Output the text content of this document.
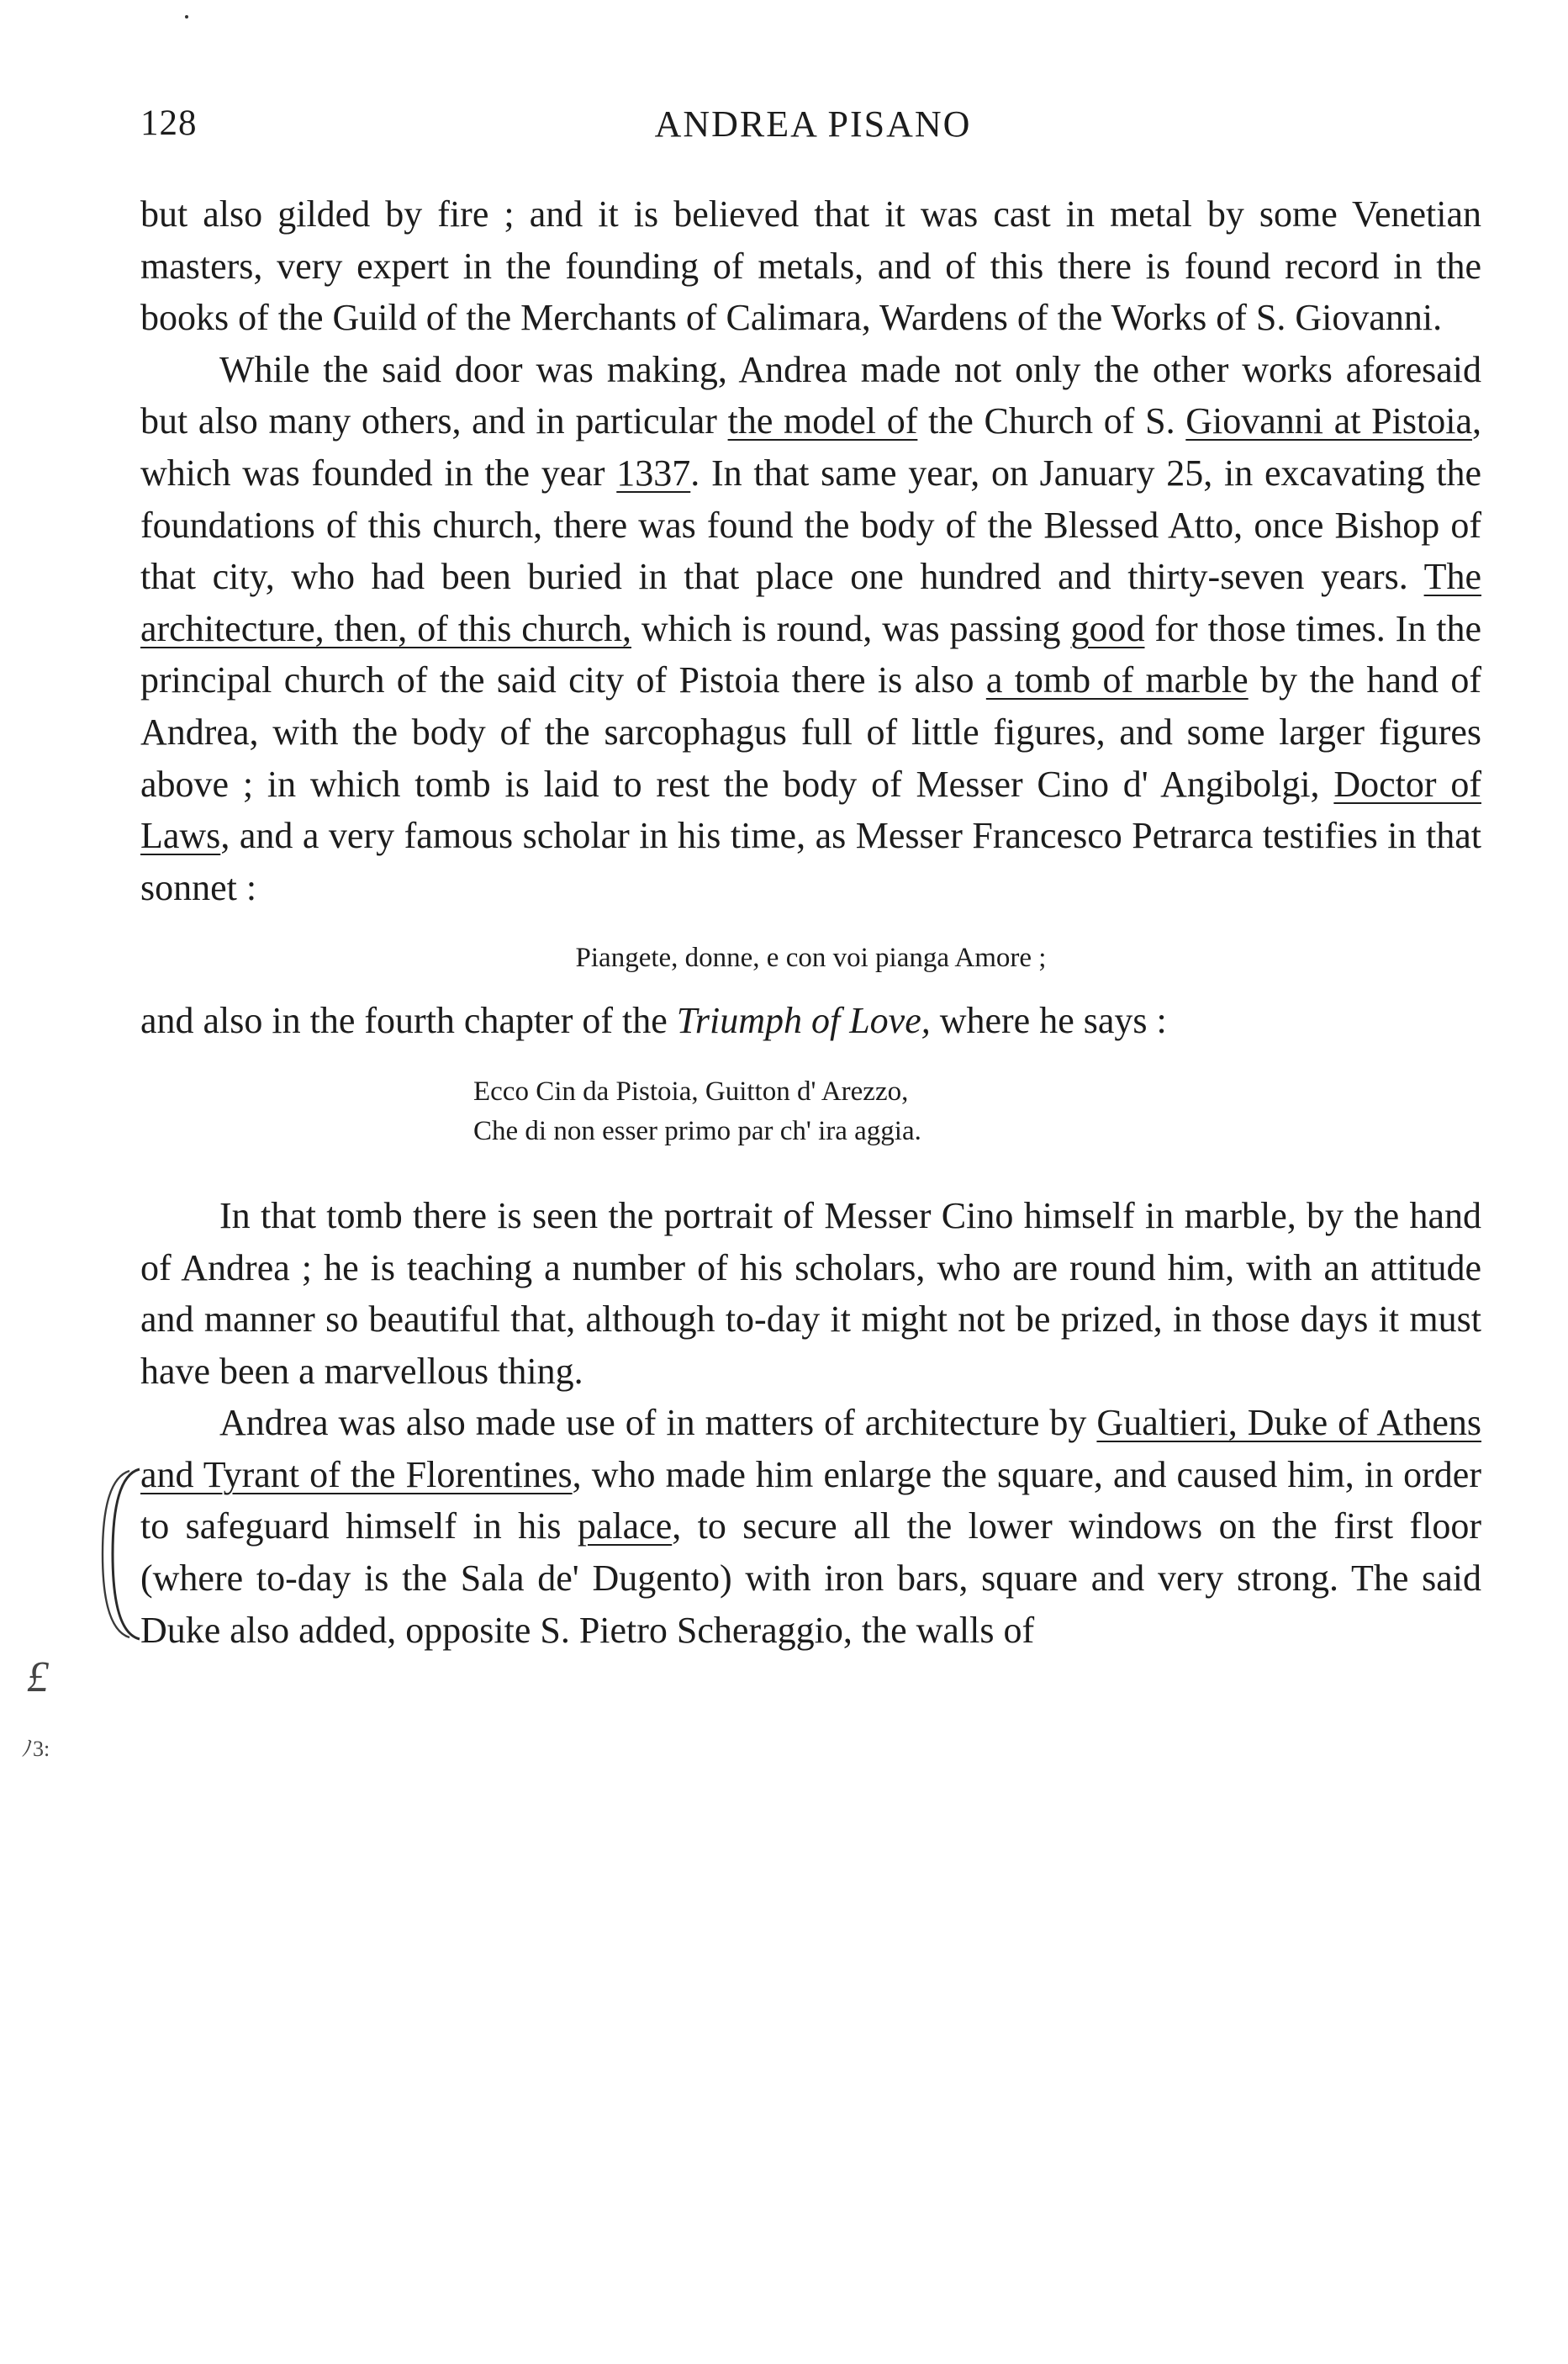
128	ANDREA PISANO

but also gilded by fire ; and it is believed that it was cast in metal by some Venetian masters, very expert in the founding of metals, and of this there is found record in the books of the Guild of the Merchants of Calimara, Wardens of the Works of S. Giovanni.

While the said door was making, Andrea made not only the other works aforesaid but also many others, and in particular the model of the Church of S. Giovanni at Pistoia, which was founded in the year 1337. In that same year, on January 25, in excavating the foundations of this church, there was found the body of the Blessed Atto, once Bishop of that city, who had been buried in that place one hundred and thirty-seven years. The architecture, then, of this church, which is round, was passing good for those times. In the principal church of the said city of Pistoia there is also a tomb of marble by the hand of Andrea, with the body of the sarcophagus full of little figures, and some larger figures above ; in which tomb is laid to rest the body of Messer Cino d' Angibolgi, Doctor of Laws, and a very famous scholar in his time, as Messer Francesco Petrarca testifies in that sonnet :

Piangete, donne, e con voi pianga Amore ;

and also in the fourth chapter of the Triumph of Love, where he says :

Ecco Cin da Pistoia, Guitton d' Arezzo,
Che di non esser primo par ch' ira aggia.

In that tomb there is seen the portrait of Messer Cino himself in marble, by the hand of Andrea ; he is teaching a number of his scholars, who are round him, with an attitude and manner so beautiful that, although to-day it might not be prized, in those days it must have been a marvellous thing.

Andrea was also made use of in matters of architecture by Gualtieri, Duke of Athens and Tyrant of the Florentines, who made him enlarge the square, and caused him, in order to safeguard himself in his palace, to secure all the lower windows on the first floor (where to-day is the Sala de' Dugento) with iron bars, square and very strong. The said Duke also added, opposite S. Pietro Scheraggio, the walls of

£
ﾉ3:
